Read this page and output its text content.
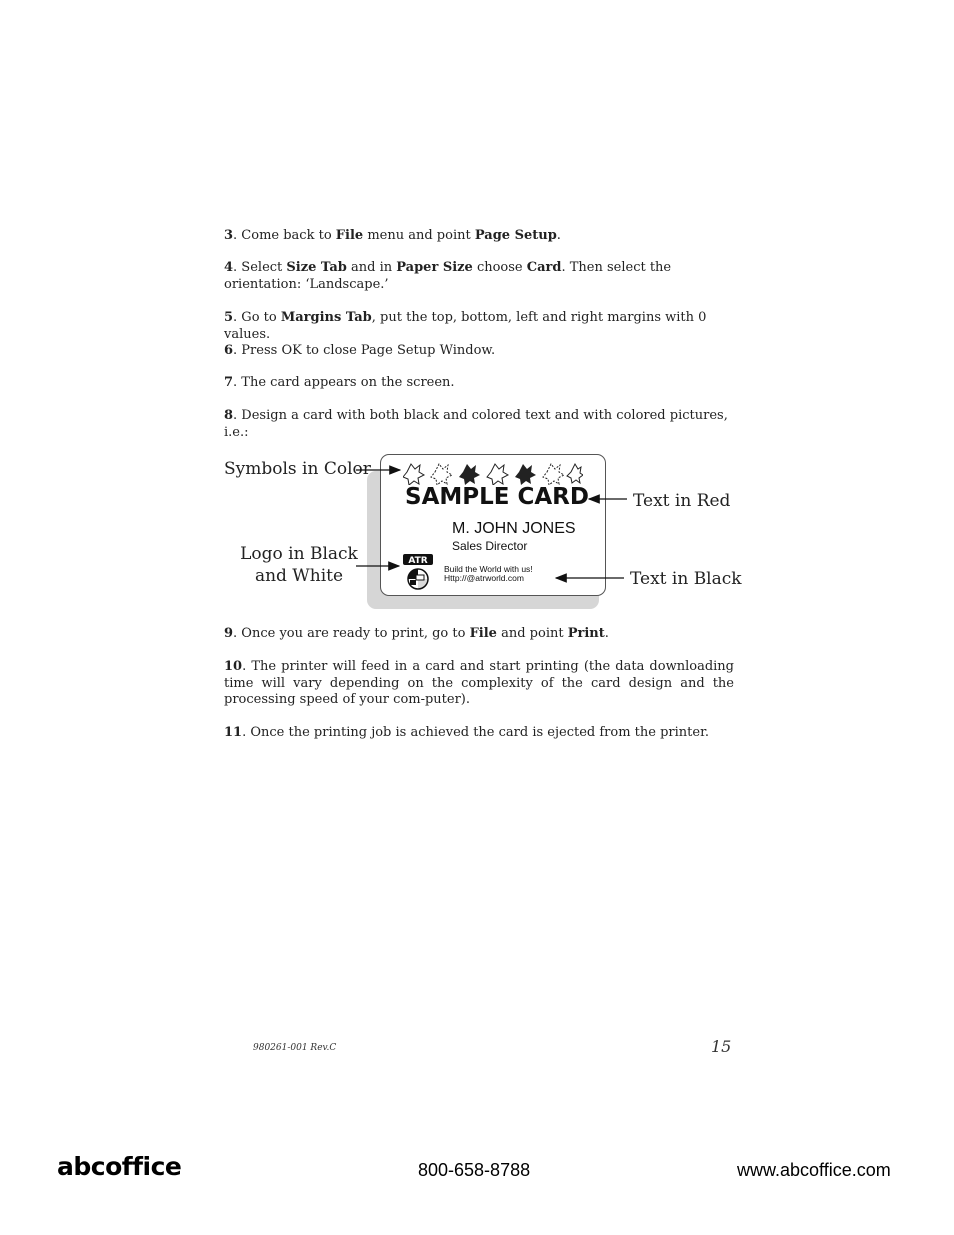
3. Come back to File menu and point Page Setup.
4. Select Size Tab and in Paper Size choose Card. Then select the orientation: ‘Landscape.’
5. Go to Margins Tab, put the top, bottom, left and right margins with 0 values.
6. Press OK to close Page Setup Window.
7. The card appears on the screen.
8. Design a card with both black and colored text and with colored pictures, i.e.:
SAMPLE CARD
M. JOHN JONES
Sales Director
ATR
Build the World with us!
Http://@atrworld.com
Symbols in Color
Text in Red
Logo in Black
and White	Text in Black
9. Once you are ready to print, go to File and point Print.
10. The printer will feed in a card and start printing (the data downloading time will vary depending on the complexity of the card design and the processing speed of your com-puter).
11. Once the printing job is achieved the card is ejected from the printer.
980261-001 Rev.C	15
abcoffice	800-658-8788	www.abcoffice.com
